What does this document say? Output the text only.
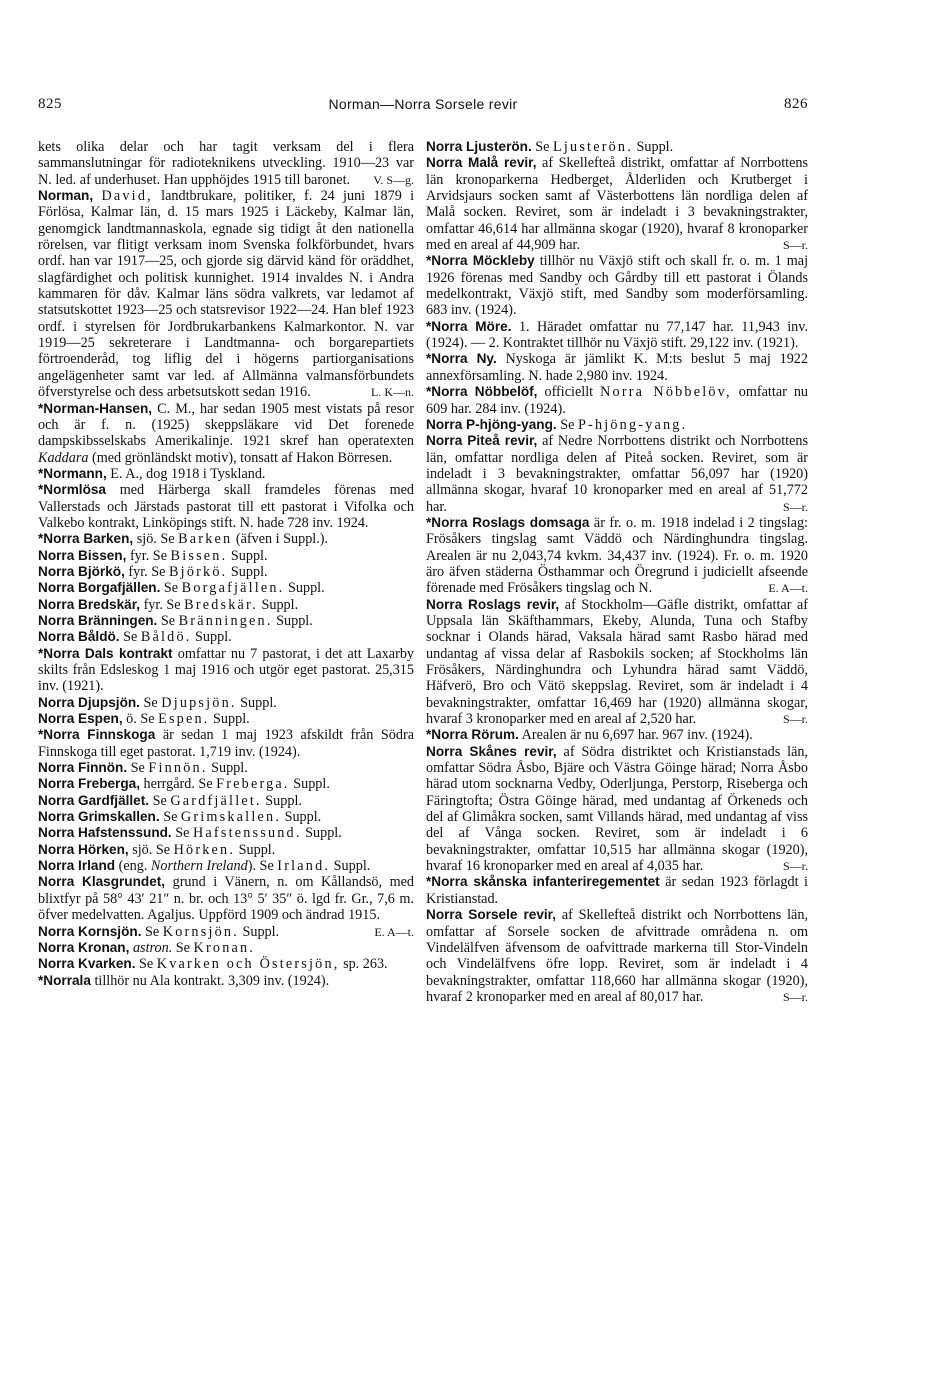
825	Norman—Norra Sorsele revir	826

kets olika delar och har tagit verksam del i flera sammanslutningar för radioteknikens utveckling. 1910—23 var N. led. af underhuset. Han upphöjdes 1915 till baronet.	V. S—g.

Norman, David, landtbrukare, politiker, f. 24 juni 1879 i Förlösa, Kalmar län, d. 15 mars 1925 i Läckeby, Kalmar län, genomgick landtmannaskola, egnade sig tidigt åt den nationella rörelsen, var flitigt verksam inom Svenska folkförbundet, hvars ordf. han var 1917—25, och gjorde sig därvid känd för oräddhet, slagfärdighet och politisk kunnighet. 1914 invaldes N. i Andra kammaren för dåv. Kalmar läns södra valkrets, var ledamot af statsutskottet 1923—25 och statsrevisor 1922—24. Han blef 1923 ordf. i styrelsen för Jordbrukarbankens Kalmarkontor. N. var 1919—25 sekreterare i Landtmanna- och borgarepartiets förtroenderåd, tog liflig del i högerns partiorganisations angelägenheter samt var led. af Allmänna valmansförbundets öfverstyrelse och dess arbetsutskott sedan 1916.	L. K—n.

*Norman-Hansen, C. M., har sedan 1905 mest vistats på resor och är f. n. (1925) skeppsläkare vid Det forenede dampskibsselskabs Amerikalinje. 1921 skref han operatexten Kaddara (med grönländskt motiv), tonsatt af Hakon Börresen.

*Normann, E. A., dog 1918 i Tyskland.

*Normlösa med Härberga skall framdeles förenas med Vallerstads och Järstads pastorat till ett pastorat i Vifolka och Valkebo kontrakt, Linköpings stift. N. hade 728 inv. 1924.

*Norra Barken, sjö. Se Barken (äfven i Suppl.).

Norra Bissen, fyr. Se Bissen. Suppl.

Norra Björkö, fyr. Se Björkö. Suppl.

Norra Borgafjällen. Se Borgafjällen. Suppl.

Norra Bredskär, fyr. Se Bredskär. Suppl.

Norra Bränningen. Se Bränningen. Suppl.

Norra Båldö. Se Båldö. Suppl.

*Norra Dals kontrakt omfattar nu 7 pastorat, i det att Laxarby skilts från Edsleskog 1 maj 1916 och utgör eget pastorat. 25,315 inv. (1921).

Norra Djupsjön. Se Djupsjön. Suppl.

Norra Espen, ö. Se Espen. Suppl.

*Norra Finnskoga är sedan 1 maj 1923 afskildt från Södra Finnskoga till eget pastorat. 1,719 inv. (1924).

Norra Finnön. Se Finnön. Suppl.

Norra Freberga, herrgård. Se Freberga. Suppl.

Norra Gardfjället. Se Gardfjället. Suppl.

Norra Grimskallen. Se Grimskallen. Suppl.

Norra Hafstenssund. Se Hafstenssund. Suppl.

Norra Hörken, sjö. Se Hörken. Suppl.

Norra Irland (eng. Northern Ireland). Se Irland. Suppl.

Norra Klasgrundet, grund i Vänern, n. om Kållandsö, med blixtfyr på 58° 43′ 21″ n. br. och 13° 5′ 35″ ö. lgd fr. Gr., 7,6 m. öfver medelvatten. Agaljus. Uppförd 1909 och ändrad 1915.
E. A—t.

Norra Kornsjön. Se Kornsjön. Suppl.

Norra Kronan, astron. Se Kronan.

Norra Kvarken. Se Kvarken och Östersjön, sp. 263.

*Norrala tillhör nu Ala kontrakt. 3,309 inv. (1924).

Norra Ljusterön. Se Ljusterön. Suppl.

Norra Malå revir, af Skellefteå distrikt, omfattar af Norrbottens län kronoparkerna Hedberget, Ålderliden och Krutberget i Arvidsjaurs socken samt af Västerbottens län nordliga delen af Malå socken. Reviret, som är indeladt i 3 bevakningstrakter, omfattar 46,614 har allmänna skogar (1920), hvaraf 8 kronoparker med en areal af 44,909 har.	S—r.

*Norra Möckleby tillhör nu Växjö stift och skall fr. o. m. 1 maj 1926 förenas med Sandby och Gårdby till ett pastorat i Ölands medelkontrakt, Växjö stift, med Sandby som moderförsamling. 683 inv. (1924).

*Norra Möre. 1. Häradet omfattar nu 77,147 har. 11,943 inv. (1924). — 2. Kontraktet tillhör nu Växjö stift. 29,122 inv. (1921).

*Norra Ny. Nyskoga är jämlikt K. M:ts beslut 5 maj 1922 annexförsamling. N. hade 2,980 inv. 1924.

*Norra Nöbbelöf, officiellt Norra Nöbbelöv, omfattar nu 609 har. 284 inv. (1924).

Norra P-hjöng-yang. Se P-hjöng-yang.

Norra Piteå revir, af Nedre Norrbottens distrikt och Norrbottens län, omfattar nordliga delen af Piteå socken. Reviret, som är indeladt i 3 bevakningstrakter, omfattar 56,097 har (1920) allmänna skogar, hvaraf 10 kronoparker med en areal af 51,772 har.	S—r.

*Norra Roslags domsaga är fr. o. m. 1918 indelad i 2 tingslag: Frösåkers tingslag samt Väddö och Närdinghundra tingslag. Arealen är nu 2,043,74 kvkm. 34,437 inv. (1924). Fr. o. m. 1920 äro äfven städerna Östhammar och Öregrund i judiciellt afseende förenade med Frösåkers tingslag och N.	E. A—t.

Norra Roslags revir, af Stockholm—Gäfle distrikt, omfattar af Uppsala län Skäfthammars, Ekeby, Alunda, Tuna och Stafby socknar i Olands härad, Vaksala härad samt Rasbo härad med undantag af vissa delar af Rasbokils socken; af Stockholms län Frösåkers, Närdinghundra och Lyhundra härad samt Väddö, Häfverö, Bro och Vätö skeppslag. Reviret, som är indeladt i 4 bevakningstrakter, omfattar 16,469 har (1920) allmänna skogar, hvaraf 3 kronoparker med en areal af 2,520 har.	S—r.

*Norra Rörum. Arealen är nu 6,697 har. 967 inv. (1924).

Norra Skånes revir, af Södra distriktet och Kristianstads län, omfattar Södra Åsbo, Bjäre och Västra Göinge härad; Norra Åsbo härad utom socknarna Vedby, Oderljunga, Perstorp, Riseberga och Färingtofta; Östra Göinge härad, med undantag af Örkeneds och del af Glimåkra socken, samt Villands härad, med undantag af viss del af Vånga socken. Reviret, som är indeladt i 6 bevakningstrakter, omfattar 10,515 har allmänna skogar (1920), hvaraf 16 kronoparker med en areal af 4,035 har.	S—r.

*Norra skånska infanteriregementet är sedan 1923 förlagdt i Kristianstad.

Norra Sorsele revir, af Skellefteå distrikt och Norrbottens län, omfattar af Sorsele socken de afvittrade områdena n. om Vindelälfven äfvensom de oafvittrade markerna till Stor-Vindeln och Vindelälfvens öfre lopp. Reviret, som är indeladt i 4 bevakningstrakter, omfattar 118,660 har allmänna skogar (1920), hvaraf 2 kronoparker med en areal af 80,017 har.	S—r.
